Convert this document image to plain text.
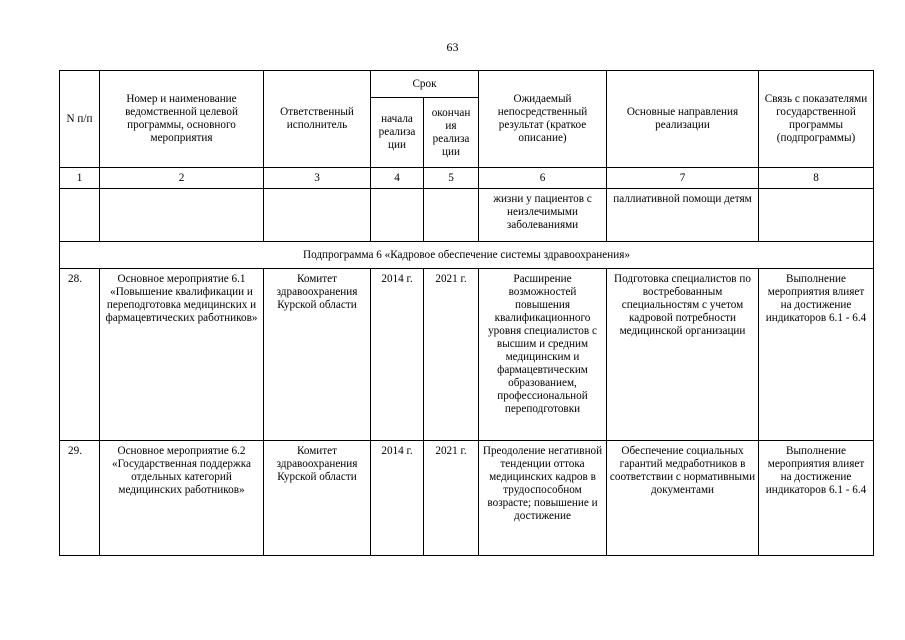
63
N п/п	Номер и наименование ведомственной целевой программы, основного мероприятия	Ответственный исполнитель	Срок		Ожидаемый непосредственный результат (краткое описание)	Основные направления реализации	Связь с показателями государственной программы (подпрограммы)
			начала реализа ции	окончан ия реализа ции			
1	2	3	4	5	6	7	8
					жизни у пациентов с неизлечимыми заболеваниями	паллиативной помощи детям	
Подпрограмма 6 «Кадровое обеспечение системы здравоохранения»							
28.	Основное мероприятие 6.1 «Повышение квалификации и переподготовка медицинских и фармацевтических работников»	Комитет здравоохранения Курской области	2014 г.	2021 г.	Расширение возможностей повышения квалификационного уровня специалистов с высшим и средним медицинским и фармацевтическим образованием, профессиональной переподготовки	Подготовка специалистов по востребованным специальностям с учетом кадровой потребности медицинской организации	Выполнение мероприятия влияет на достижение индикаторов 6.1 - 6.4
29.	Основное мероприятие 6.2 «Государственная поддержка отдельных категорий медицинских работников»	Комитет здравоохранения Курской области	2014 г.	2021 г.	Преодоление негативной тенденции оттока медицинских кадров в трудоспособном возрасте; повышение и достижение	Обеспечение социальных гарантий медработников в соответствии с нормативными документами	Выполнение мероприятия влияет на достижение индикаторов 6.1 - 6.4
